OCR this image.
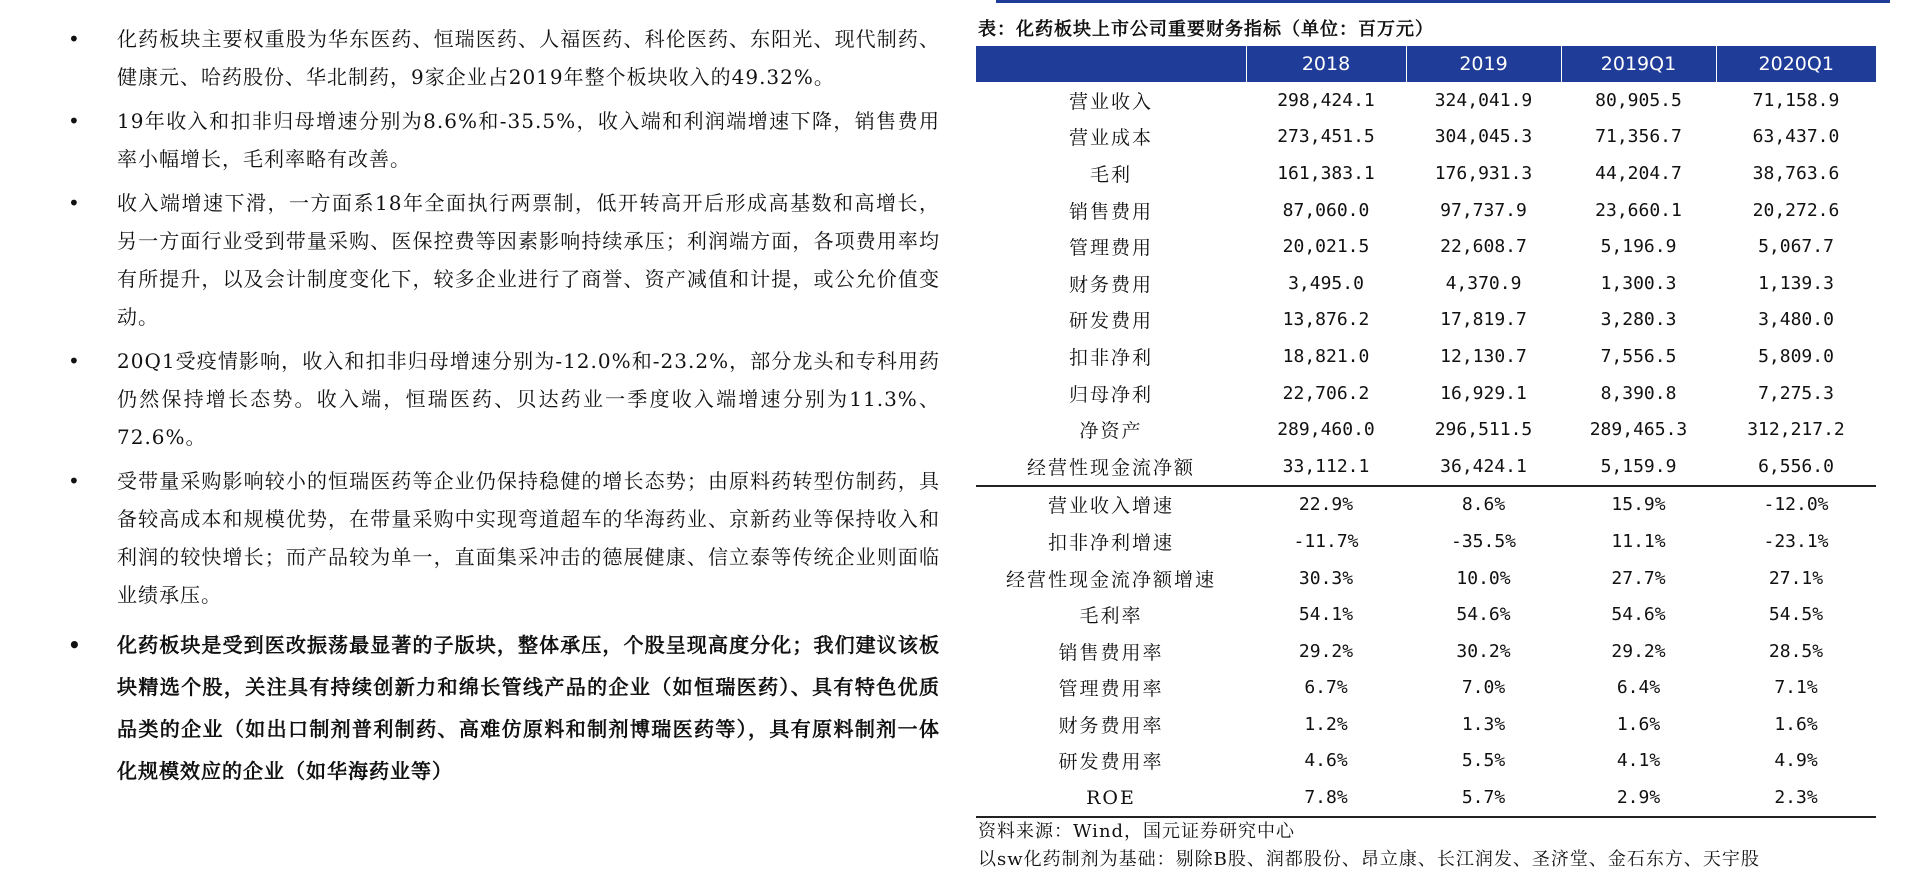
• 化药板块主要权重股为华东医药、恒瑞医药、人福医药、科伦医药、东阳光、现代制药、健康元、哈药股份、华北制药，9家企业占2019年整个板块收入的49.32%。
• 19年收入和扣非归母增速分别为8.6%和-35.5%，收入端和利润端增速下降，销售费用率小幅增长，毛利率略有改善。
• 收入端增速下滑，一方面系18年全面执行两票制，低开转高开后形成高基数和高增长，另一方面行业受到带量采购、医保控费等因素影响持续承压；利润端方面，各项费用率均有所提升，以及会计制度变化下，较多企业进行了商誉、资产减值和计提，或公允价值变动。
• 20Q1受疫情影响，收入和扣非归母增速分别为-12.0%和-23.2%，部分龙头和专科用药仍然保持增长态势。收入端，恒瑞医药、贝达药业一季度收入端增速分别为11.3%、72.6%。
• 受带量采购影响较小的恒瑞医药等企业仍保持稳健的增长态势；由原料药转型仿制药，具备较高成本和规模优势，在带量采购中实现弯道超车的华海药业、京新药业等保持收入和利润的较快增长；而产品较为单一，直面集采冲击的德展健康、信立泰等传统企业则面临业绩承压。
• 化药板块是受到医改振荡最显著的子版块，整体承压，个股呈现高度分化；我们建议该板块精选个股，关注具有持续创新力和绵长管线产品的企业（如恒瑞医药）、具有特色优质品类的企业（如出口制剂普利制药、高难仿原料和制剂博瑞医药等），具有原料制剂一体化规模效应的企业（如华海药业等）
表：化药板块上市公司重要财务指标（单位：百万元）
	2018	2019	2019Q1	2020Q1
营业收入	298,424.1	324,041.9	80,905.5	71,158.9
营业成本	273,451.5	304,045.3	71,356.7	63,437.0
毛利	161,383.1	176,931.3	44,204.7	38,763.6
销售费用	87,060.0	97,737.9	23,660.1	20,272.6
管理费用	20,021.5	22,608.7	5,196.9	5,067.7
财务费用	3,495.0	4,370.9	1,300.3	1,139.3
研发费用	13,876.2	17,819.7	3,280.3	3,480.0
扣非净利	18,821.0	12,130.7	7,556.5	5,809.0
归母净利	22,706.2	16,929.1	8,390.8	7,275.3
净资产	289,460.0	296,511.5	289,465.3	312,217.2
经营性现金流净额	33,112.1	36,424.1	5,159.9	6,556.0
营业收入增速	22.9%	8.6%	15.9%	-12.0%
扣非净利增速	-11.7%	-35.5%	11.1%	-23.1%
经营性现金流净额增速	30.3%	10.0%	27.7%	27.1%
毛利率	54.1%	54.6%	54.6%	54.5%
销售费用率	29.2%	30.2%	29.2%	28.5%
管理费用率	6.7%	7.0%	6.4%	7.1%
财务费用率	1.2%	1.3%	1.6%	1.6%
研发费用率	4.6%	5.5%	4.1%	4.9%
ROE	7.8%	5.7%	2.9%	2.3%
资料来源：Wind，国元证券研究中心
以sw化药制剂为基础：剔除B股、润都股份、昂立康、长江润发、圣济堂、金石东方、天宇股
